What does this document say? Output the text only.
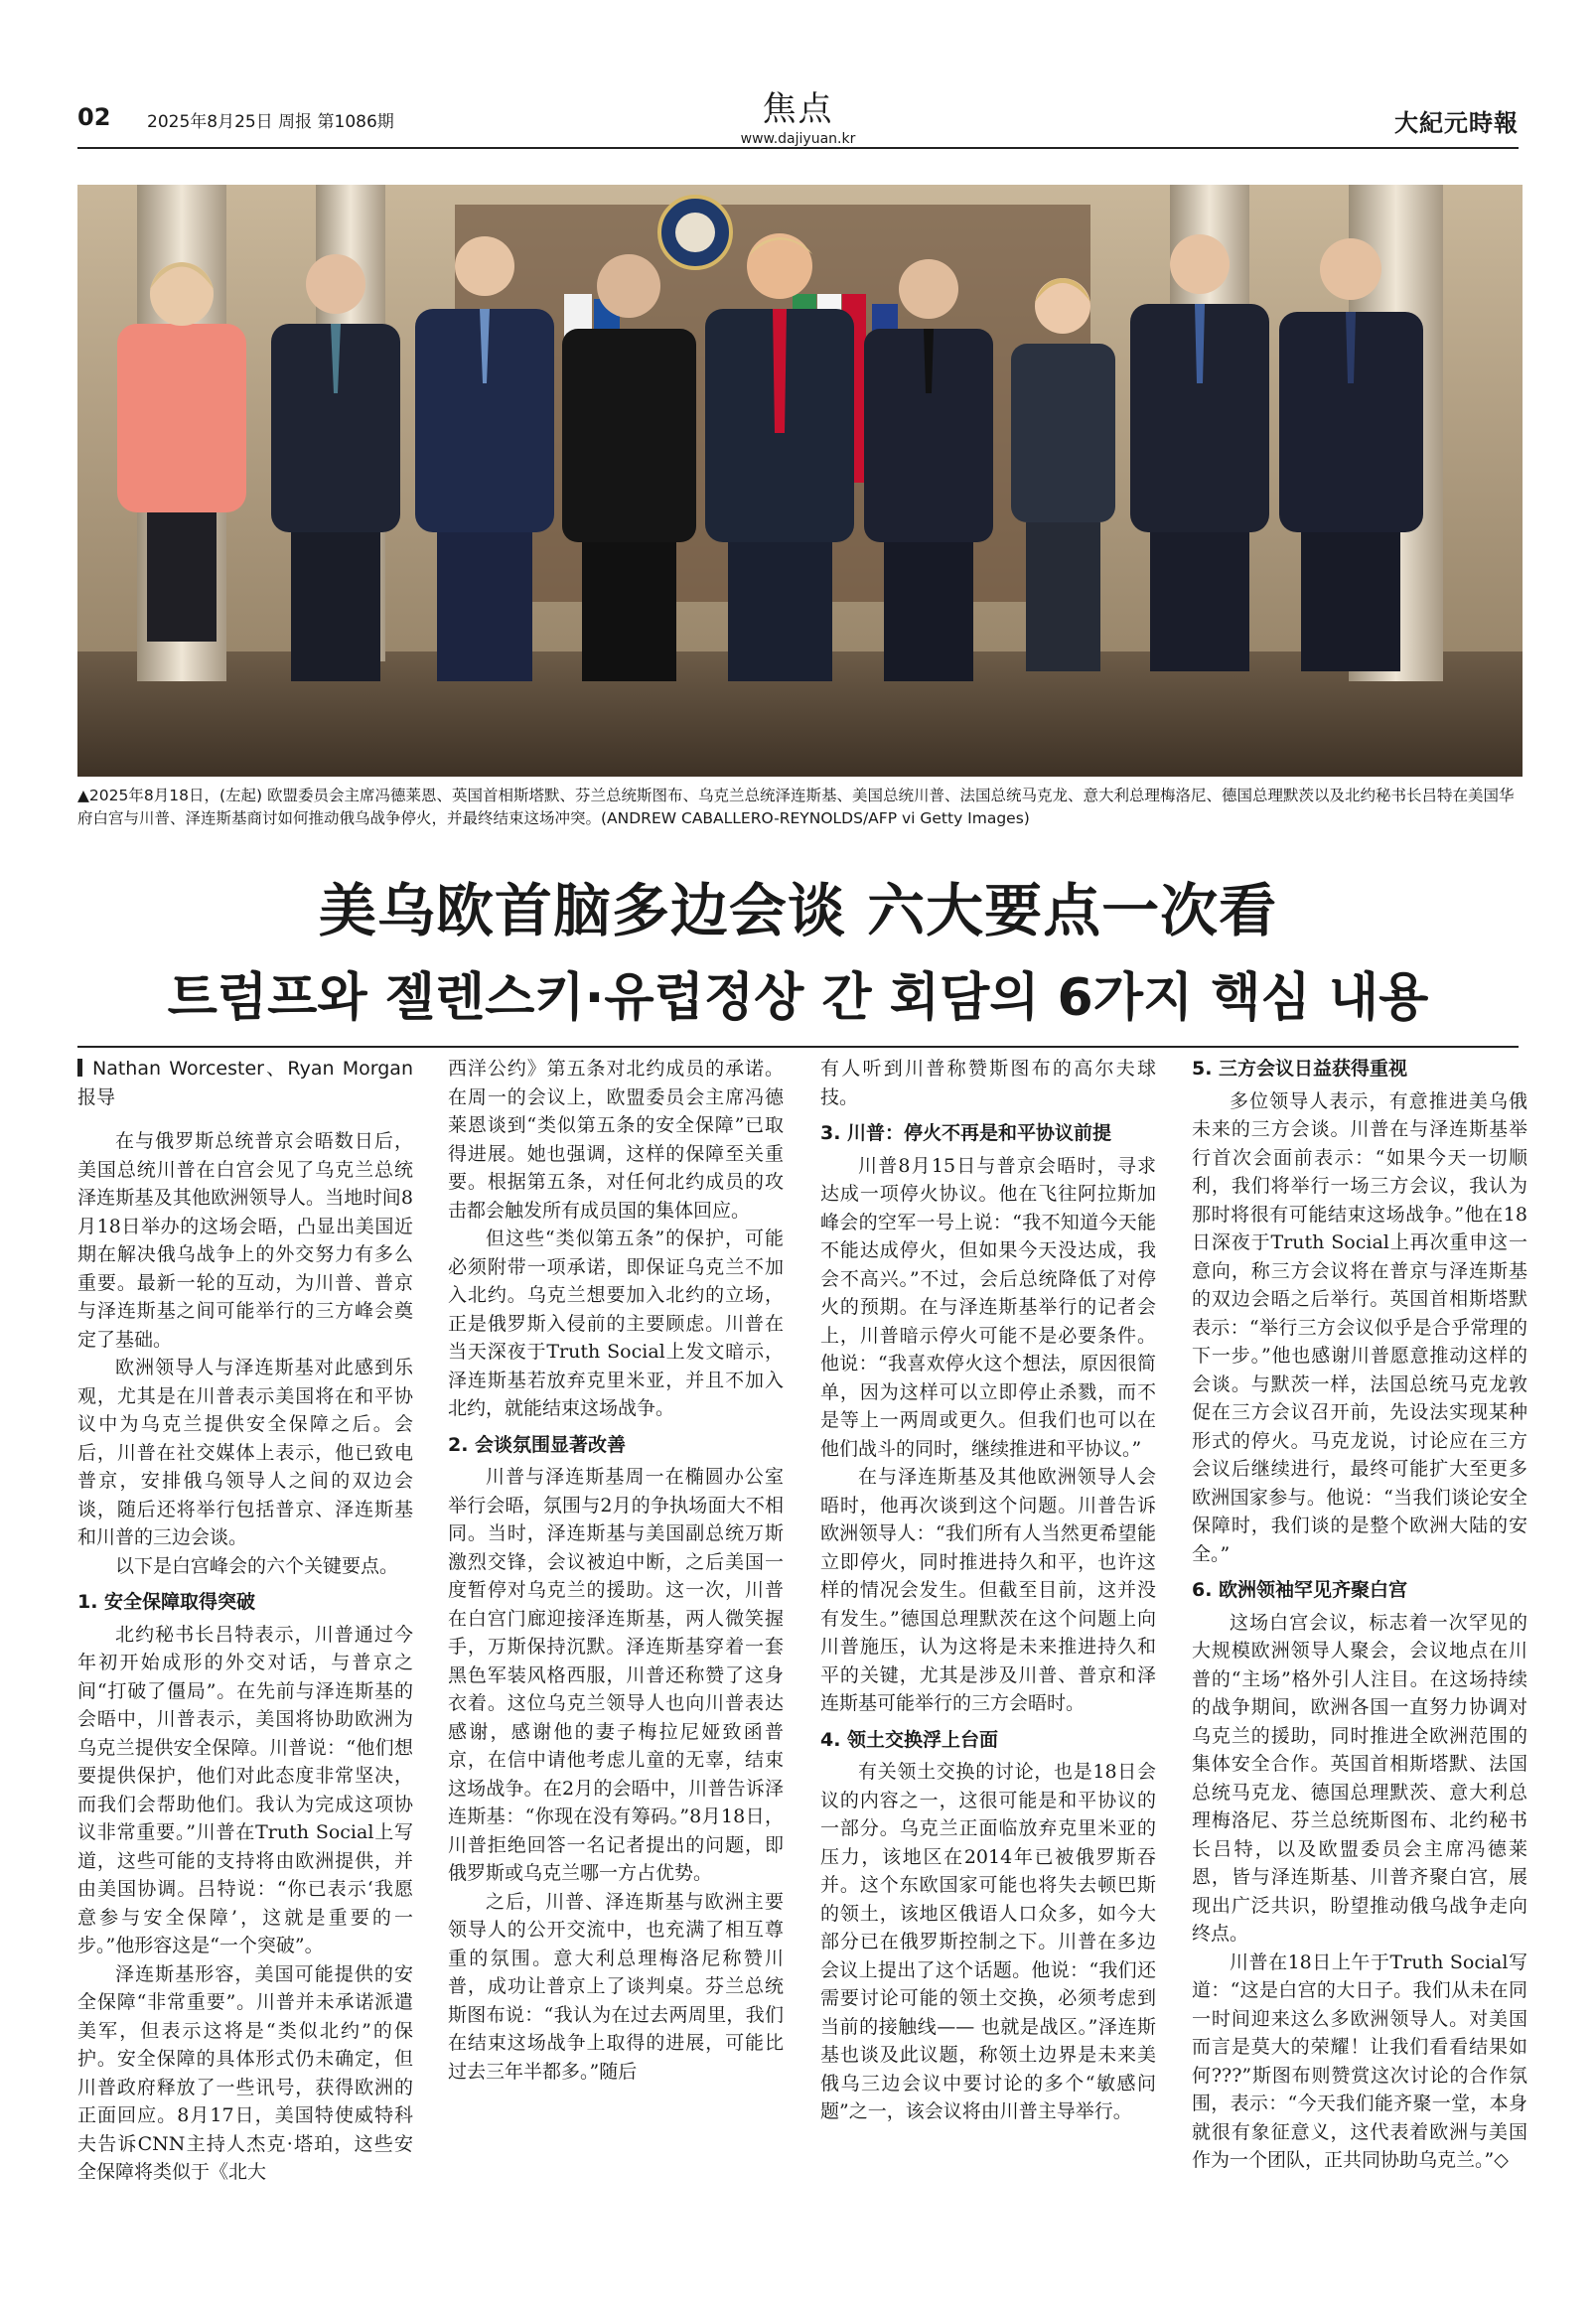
02 2025年8月25日 周报 第1086期	焦点
www.dajiyuan.kr
大紀元時報
▲2025年8月18日，(左起) 欧盟委员会主席冯德莱恩、英国首相斯塔默、芬兰总统斯图布、乌克兰总统泽连斯基、美国总统川普、法国总统马克龙、意大利总理梅洛尼、德国总理默茨以及北约秘书长吕特在美国华府白宫与川普、泽连斯基商讨如何推动俄乌战争停火，并最终结束这场冲突。(ANDREW CABALLERO-REYNOLDS/AFP vi Getty Images)
美乌欧首脑多边会谈 六大要点一次看
트럼프와 젤렌스키·유럽정상 간 회담의 6가지 핵심 내용
Nathan Worcester、Ryan Morgan报导

在与俄罗斯总统普京会晤数日后，美国总统川普在白宫会见了乌克兰总统泽连斯基及其他欧洲领导人。当地时间8月18日举办的这场会晤，凸显出美国近期在解决俄乌战争上的外交努力有多么重要。最新一轮的互动，为川普、普京与泽连斯基之间可能举行的三方峰会奠定了基础。

欧洲领导人与泽连斯基对此感到乐观，尤其是在川普表示美国将在和平协议中为乌克兰提供安全保障之后。会后，川普在社交媒体上表示，他已致电普京，安排俄乌领导人之间的双边会谈，随后还将举行包括普京、泽连斯基和川普的三边会谈。

以下是白宫峰会的六个关键要点。

1. 安全保障取得突破

北约秘书长吕特表示，川普通过今年初开始成形的外交对话，与普京之间“打破了僵局”。在先前与泽连斯基的会晤中，川普表示，美国将协助欧洲为乌克兰提供安全保障。川普说：“他们想要提供保护，他们对此态度非常坚决，而我们会帮助他们。我认为完成这项协议非常重要。”川普在Truth Social上写道，这些可能的支持将由欧洲提供，并由美国协调。吕特说：“你已表示‘我愿意参与安全保障’，这就是重要的一步。”他形容这是“一个突破”。

泽连斯基形容，美国可能提供的安全保障“非常重要”。川普并未承诺派遣美军，但表示这将是“类似北约”的保护。安全保障的具体形式仍未确定，但川普政府释放了一些讯号，获得欧洲的正面回应。8月17日，美国特使威特科夫告诉CNN主持人杰克·塔珀，这些安全保障将类似于《北大

西洋公约》第五条对北约成员的承诺。在周一的会议上，欧盟委员会主席冯德莱恩谈到“类似第五条的安全保障”已取得进展。她也强调，这样的保障至关重要。根据第五条，对任何北约成员的攻击都会触发所有成员国的集体回应。

但这些“类似第五条”的保护，可能必须附带一项承诺，即保证乌克兰不加入北约。乌克兰想要加入北约的立场，正是俄罗斯入侵前的主要顾虑。川普在当天深夜于Truth Social上发文暗示，泽连斯基若放弃克里米亚，并且不加入北约，就能结束这场战争。

2. 会谈氛围显著改善

川普与泽连斯基周一在椭圆办公室举行会晤，氛围与2月的争执场面大不相同。当时，泽连斯基与美国副总统万斯激烈交锋，会议被迫中断，之后美国一度暂停对乌克兰的援助。这一次，川普在白宫门廊迎接泽连斯基，两人微笑握手，万斯保持沉默。泽连斯基穿着一套黑色军装风格西服，川普还称赞了这身衣着。这位乌克兰领导人也向川普表达感谢，感谢他的妻子梅拉尼娅致函普京，在信中请他考虑儿童的无辜，结束这场战争。在2月的会晤中，川普告诉泽连斯基：“你现在没有筹码。”8月18日，川普拒绝回答一名记者提出的问题，即俄罗斯或乌克兰哪一方占优势。

之后，川普、泽连斯基与欧洲主要领导人的公开交流中，也充满了相互尊重的氛围。意大利总理梅洛尼称赞川普，成功让普京上了谈判桌。芬兰总统斯图布说：“我认为在过去两周里，我们在结束这场战争上取得的进展，可能比过去三年半都多。”随后

有人听到川普称赞斯图布的高尔夫球技。

3. 川普：停火不再是和平协议前提

川普8月15日与普京会晤时，寻求达成一项停火协议。他在飞往阿拉斯加峰会的空军一号上说：“我不知道今天能不能达成停火，但如果今天没达成，我会不高兴。”不过，会后总统降低了对停火的预期。在与泽连斯基举行的记者会上，川普暗示停火可能不是必要条件。他说：“我喜欢停火这个想法，原因很简单，因为这样可以立即停止杀戮，而不是等上一两周或更久。但我们也可以在他们战斗的同时，继续推进和平协议。”

在与泽连斯基及其他欧洲领导人会晤时，他再次谈到这个问题。川普告诉欧洲领导人：“我们所有人当然更希望能立即停火，同时推进持久和平，也许这样的情况会发生。但截至目前，这并没有发生。”德国总理默茨在这个问题上向川普施压，认为这将是未来推进持久和平的关键，尤其是涉及川普、普京和泽连斯基可能举行的三方会晤时。

4. 领土交换浮上台面

有关领土交换的讨论，也是18日会议的内容之一，这很可能是和平协议的一部分。乌克兰正面临放弃克里米亚的压力，该地区在2014年已被俄罗斯吞并。这个东欧国家可能也将失去顿巴斯的领土，该地区俄语人口众多，如今大部分已在俄罗斯控制之下。川普在多边会议上提出了这个话题。他说：“我们还需要讨论可能的领土交换，必须考虑到当前的接触线—— 也就是战区。”泽连斯基也谈及此议题，称领土边界是未来美俄乌三边会议中要讨论的多个“敏感问题”之一，该会议将由川普主导举行。

5. 三方会议日益获得重视

多位领导人表示，有意推进美乌俄未来的三方会谈。川普在与泽连斯基举行首次会面前表示：“如果今天一切顺利，我们将举行一场三方会议，我认为那时将很有可能结束这场战争。”他在18日深夜于Truth Social上再次重申这一意向，称三方会议将在普京与泽连斯基的双边会晤之后举行。英国首相斯塔默表示：“举行三方会议似乎是合乎常理的下一步。”他也感谢川普愿意推动这样的会谈。与默茨一样，法国总统马克龙敦促在三方会议召开前，先设法实现某种形式的停火。马克龙说，讨论应在三方会议后继续进行，最终可能扩大至更多欧洲国家参与。他说：“当我们谈论安全保障时，我们谈的是整个欧洲大陆的安全。”

6. 欧洲领袖罕见齐聚白宫

这场白宫会议，标志着一次罕见的大规模欧洲领导人聚会，会议地点在川普的“主场”格外引人注目。在这场持续的战争期间，欧洲各国一直努力协调对乌克兰的援助，同时推进全欧洲范围的集体安全合作。英国首相斯塔默、法国总统马克龙、德国总理默茨、意大利总理梅洛尼、芬兰总统斯图布、北约秘书长吕特，以及欧盟委员会主席冯德莱恩，皆与泽连斯基、川普齐聚白宫，展现出广泛共识，盼望推动俄乌战争走向终点。

川普在18日上午于Truth Social写道：“这是白宫的大日子。我们从未在同一时间迎来这么多欧洲领导人。对美国而言是莫大的荣耀！让我们看看结果如何???”斯图布则赞赏这次讨论的合作氛围，表示：“今天我们能齐聚一堂，本身就很有象征意义，这代表着欧洲与美国作为一个团队，正共同协助乌克兰。”◇
